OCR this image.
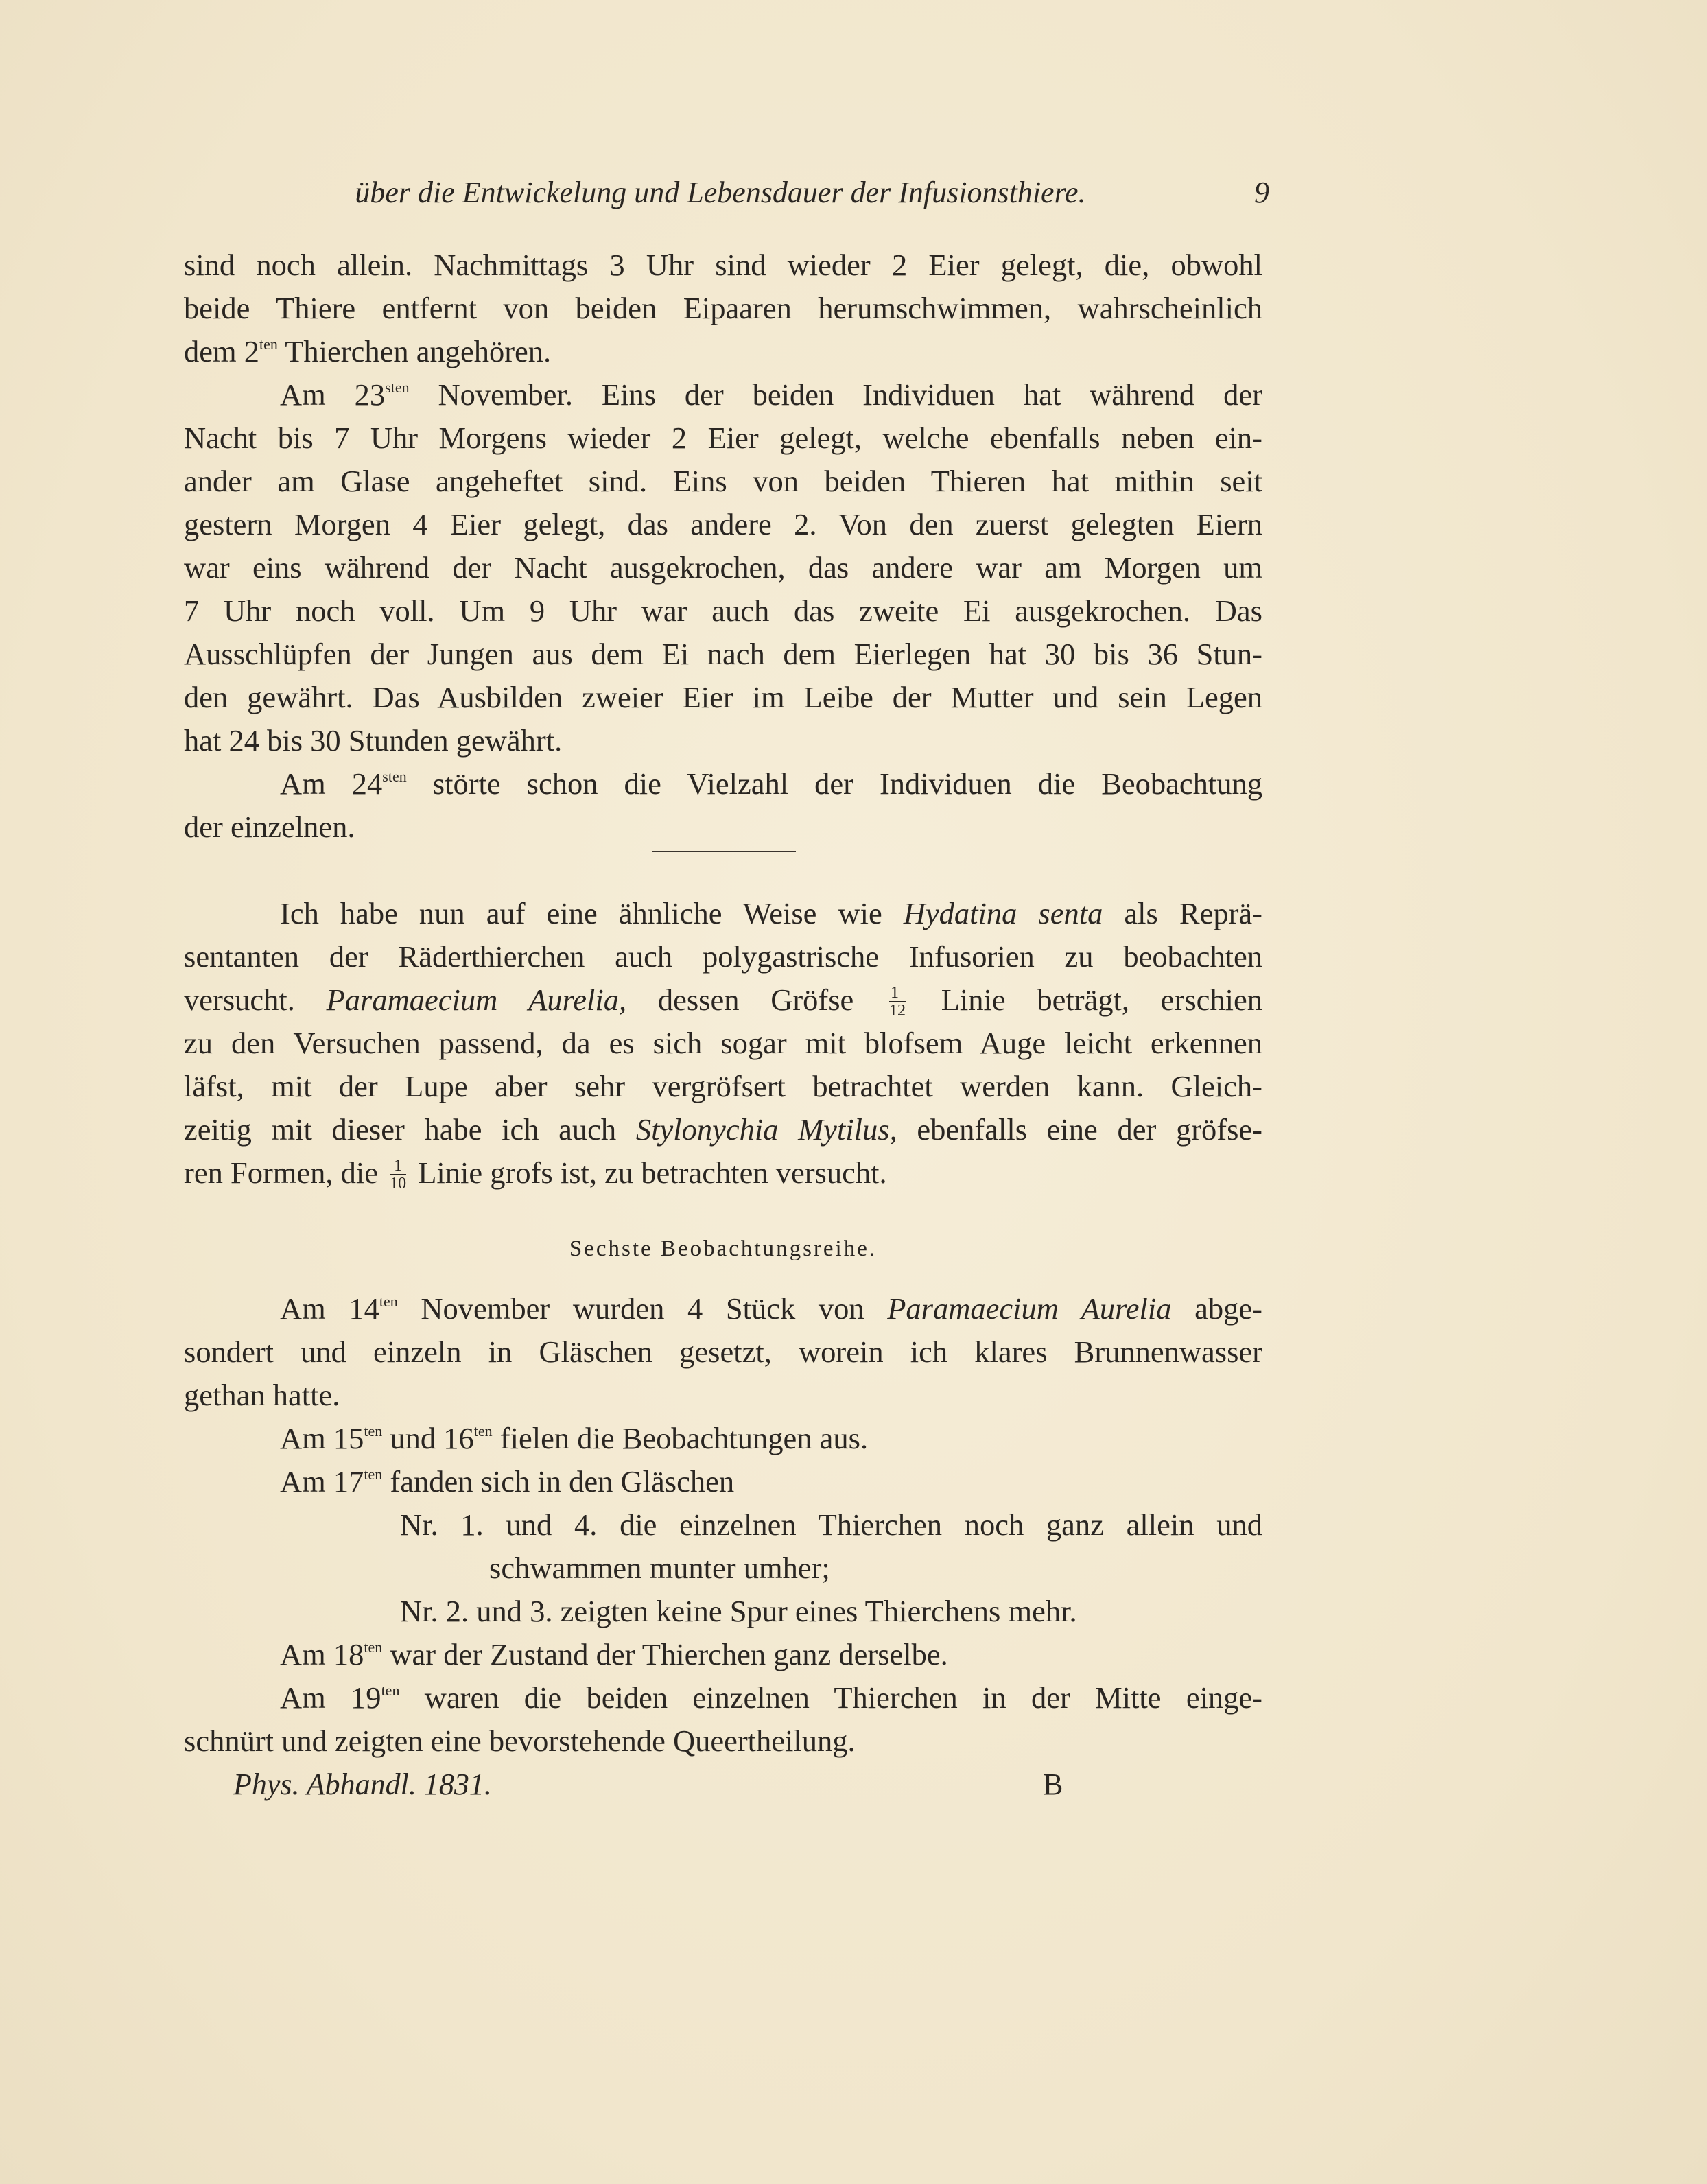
über die Entwickelung und Lebensdauer der Infusionsthiere.	9
sind noch allein. Nachmittags 3 Uhr sind wieder 2 Eier gelegt, die, obwohl
beide Thiere entfernt von beiden Eipaaren herumschwimmen, wahrscheinlich
dem $2^{ten}$ Thierchen angehören.
Am $23^{sten}$ November. Eins der beiden Individuen hat während der
Nacht bis 7 Uhr Morgens wieder 2 Eier gelegt, welche ebenfalls neben ein-
ander am Glase angeheftet sind. Eins von beiden Thieren hat mithin seit
gestern Morgen 4 Eier gelegt, das andere 2. Von den zuerst gelegten Eiern
war eins während der Nacht ausgekrochen, das andere war am Morgen um
7 Uhr noch voll. Um 9 Uhr war auch das zweite Ei ausgekrochen. Das
Ausschlüpfen der Jungen aus dem Ei nach dem Eierlegen hat 30 bis 36 Stun-
den gewährt. Das Ausbilden zweier Eier im Leibe der Mutter und sein Legen
hat 24 bis 30 Stunden gewährt.
Am $24^{sten}$ störte schon die Vielzahl der Individuen die Beobachtung
der einzelnen.
Ich habe nun auf eine ähnliche Weise wie Hydatina senta als Reprä-
sentanten der Räderthierchen auch polygastrische Infusorien zu beobachten
versucht. Paramaecium Aurelia, dessen Gröfse $\frac{1}{12}$ Linie beträgt, erschien
zu den Versuchen passend, da es sich sogar mit blofsem Auge leicht erkennen
läfst, mit der Lupe aber sehr vergröfsert betrachtet werden kann. Gleich-
zeitig mit dieser habe ich auch Stylonychia Mytilus, ebenfalls eine der gröfse-
ren Formen, die $\frac{1}{10}$ Linie grofs ist, zu betrachten versucht.
Sechste Beobachtungsreihe.
Am $14^{ten}$ November wurden 4 Stück von Paramaecium Aurelia abge-
sondert und einzeln in Gläschen gesetzt, worein ich klares Brunnenwasser
gethan hatte.
Am $15^{ten}$ und $16^{ten}$ fielen die Beobachtungen aus.
Am $17^{ten}$ fanden sich in den Gläschen
Nr. 1. und 4. die einzelnen Thierchen noch ganz allein und
schwammen munter umher;
Nr. 2. und 3. zeigten keine Spur eines Thierchens mehr.
Am $18^{ten}$ war der Zustand der Thierchen ganz derselbe.
Am $19^{ten}$ waren die beiden einzelnen Thierchen in der Mitte einge-
schnürt und zeigten eine bevorstehende Queertheilung.
Phys. Abhandl. 1831.	B
